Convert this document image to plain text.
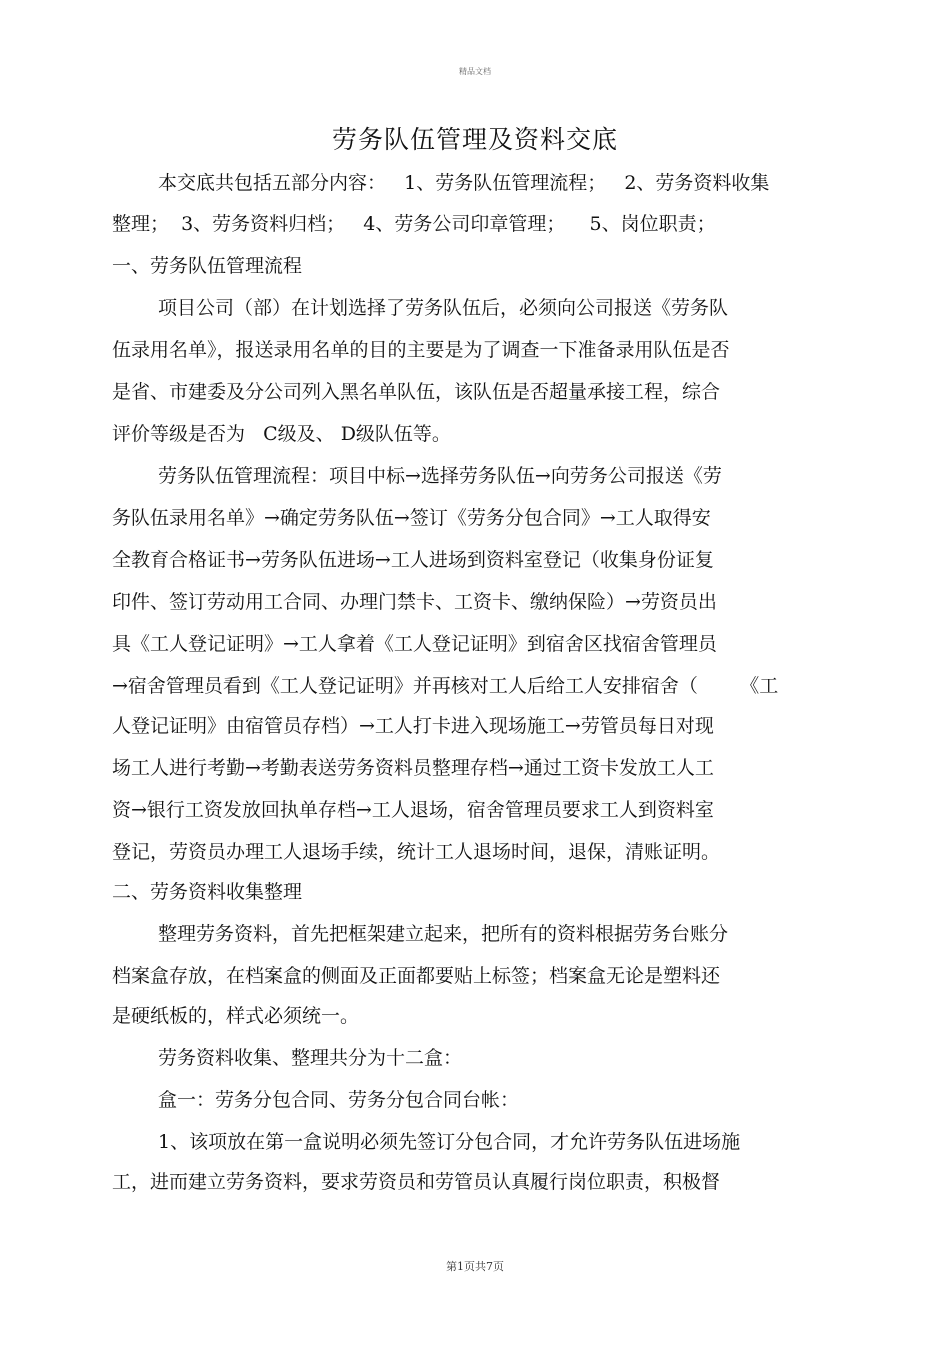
精品文档
劳务队伍管理及资料交底
本交底共包括五部分内容：   1、劳务队伍管理流程；   2、劳务资料收集
整理；  3、劳务资料归档；   4、劳务公司印章管理；    5、岗位职责；
一、劳务队伍管理流程
项目公司（部）在计划选择了劳务队伍后，必须向公司报送《劳务队
伍录用名单》，报送录用名单的目的主要是为了调查一下准备录用队伍是否
是省、市建委及分公司列入黑名单队伍，该队伍是否超量承接工程，综合
评价等级是否为   C级及、 D级队伍等。
劳务队伍管理流程：项目中标→选择劳务队伍→向劳务公司报送《劳
务队伍录用名单》→确定劳务队伍→签订《劳务分包合同》→工人取得安
全教育合格证书→劳务队伍进场→工人进场到资料室登记（收集身份证复
印件、签订劳动用工合同、办理门禁卡、工资卡、缴纳保险）→劳资员出
具《工人登记证明》→工人拿着《工人登记证明》到宿舍区找宿舍管理员
→宿舍管理员看到《工人登记证明》并再核对工人后给工人安排宿舍（       《工
人登记证明》由宿管员存档）→工人打卡进入现场施工→劳管员每日对现
场工人进行考勤→考勤表送劳务资料员整理存档→通过工资卡发放工人工
资→银行工资发放回执单存档→工人退场，宿舍管理员要求工人到资料室
登记，劳资员办理工人退场手续，统计工人退场时间，退保，清账证明。
二、劳务资料收集整理
整理劳务资料，首先把框架建立起来，把所有的资料根据劳务台账分
档案盒存放，在档案盒的侧面及正面都要贴上标签；档案盒无论是塑料还
是硬纸板的，样式必须统一。
劳务资料收集、整理共分为十二盒：
盒一：劳务分包合同、劳务分包合同台帐：
1、该项放在第一盒说明必须先签订分包合同，才允许劳务队伍进场施
工，进而建立劳务资料，要求劳资员和劳管员认真履行岗位职责，积极督
第1页共7页
